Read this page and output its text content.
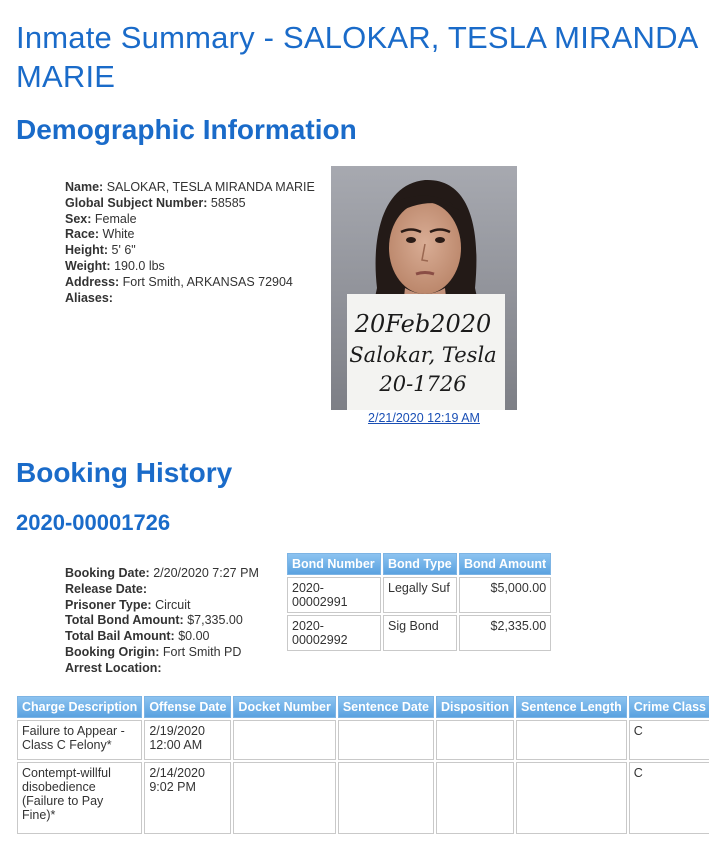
Inmate Summary - SALOKAR, TESLA MIRANDA MARIE
Demographic Information
Name: SALOKAR, TESLA MIRANDA MARIE
Global Subject Number: 58585
Sex: Female
Race: White
Height: 5' 6"
Weight: 190.0 lbs
Address: Fort Smith, ARKANSAS 72904
Aliases:
20Feb2020
Salokar, Tesla
20-1726
2/21/2020 12:19 AM
Booking History
2020-00001726
Booking Date: 2/20/2020 7:27 PM
Release Date:
Prisoner Type: Circuit
Total Bond Amount: $7,335.00
Total Bail Amount: $0.00
Booking Origin: Fort Smith PD
Arrest Location:
Bond Number	Bond Type	Bond Amount
2020-00002991	Legally Suf	$5,000.00
2020-00002992	Sig Bond	$2,335.00
Charge Description	Offense Date	Docket Number	Sentence Date	Disposition	Sentence Length	Crime Class
Failure to Appear - Class C Felony*	2/19/2020 12:00 AM					C
Contempt-willful disobedience (Failure to Pay Fine)*	2/14/2020 9:02 PM					C
